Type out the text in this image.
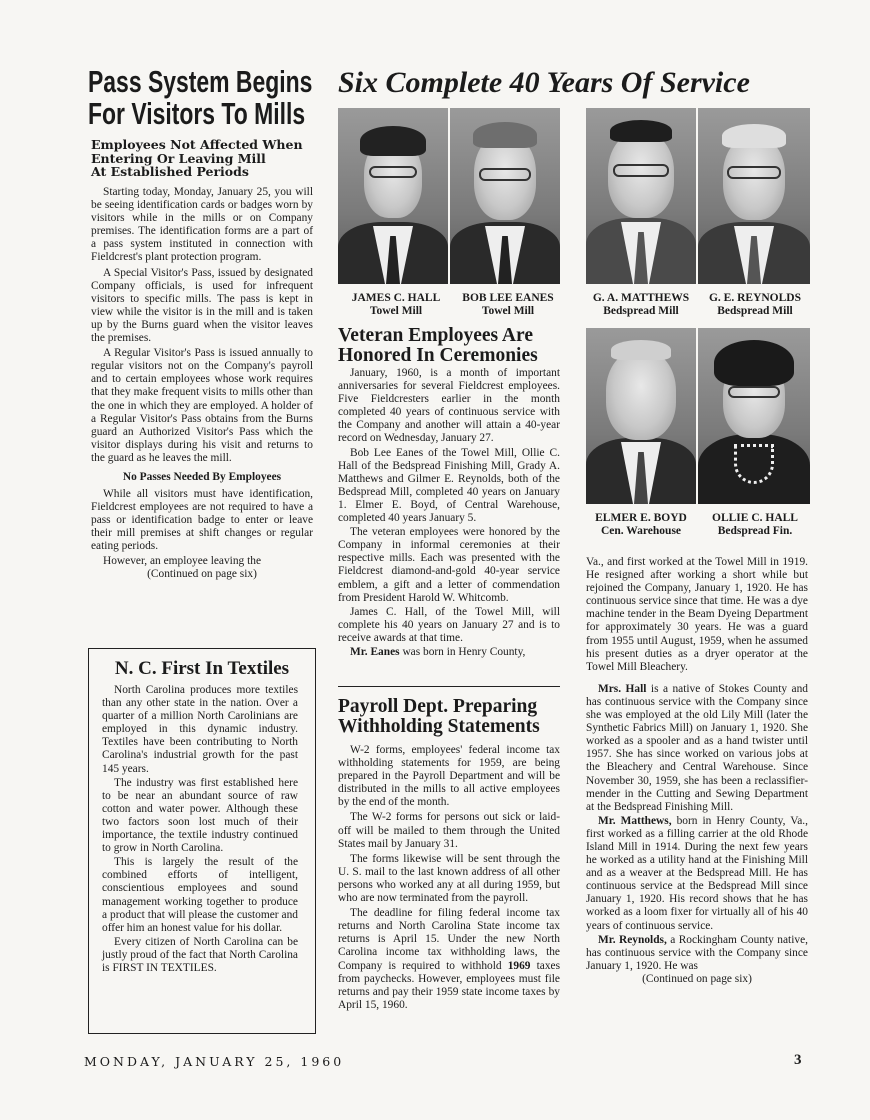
Pass System Begins
For Visitors To Mills
Employees Not Affected When
Entering Or Leaving Mill
At Established Periods

Starting today, Monday, January 25, you will be seeing identification cards or badges worn by visitors while in the mills or on Company premises. The identification forms are a part of a pass system instituted in connection with Fieldcrest's plant protection program.

A Special Visitor's Pass, issued by designated Company officials, is used for infrequent visitors to specific mills. The pass is kept in view while the visitor is in the mill and is taken up by the Burns guard when the visitor leaves the premises.

A Regular Visitor's Pass is issued annually to regular visitors not on the Company's payroll and to certain employees whose work requires that they make frequent visits to mills other than the one in which they are employed. A holder of a Regular Visitor's Pass obtains from the Burns guard an Authorized Visitor's Pass which the visitor displays during his visit and returns to the guard as he leaves the mill.

No Passes Needed By Employees

While all visitors must have identification, Fieldcrest employees are not required to have a pass or identification badge to enter or leave their mill premises at shift changes or regular eating periods.

However, an employee leaving the

(Continued on page six)

N. C. First In Textiles

North Carolina produces more textiles than any other state in the nation. Over a quarter of a million North Carolinians are employed in this dynamic industry. Textiles have been contributing to North Carolina's industrial growth for the past 145 years.

The industry was first established here to be near an abundant source of raw cotton and water power. Although these two factors soon lost much of their importance, the textile industry continued to grow in North Carolina.

This is largely the result of the combined efforts of intelligent, conscientious employees and sound management working together to produce a product that will please the customer and offer him an honest value for his dollar.

Every citizen of North Carolina can be justly proud of the fact that North Carolina is FIRST IN TEXTILES.

Six Complete 40 Years Of Service
JAMES C. HALL
Towel Mill
BOB LEE EANES
Towel Mill
G. A. MATTHEWS
Bedspread Mill
G. E. REYNOLDS
Bedspread Mill
ELMER E. BOYD
Cen. Warehouse
OLLIE C. HALL
Bedspread Fin.
Veteran Employees Are
Honored In Ceremonies

January, 1960, is a month of important anniversaries for several Fieldcrest employees. Five Fieldcresters earlier in the month completed 40 years of continuous service with the Company and another will attain a 40-year record on Wednesday, January 27.

Bob Lee Eanes of the Towel Mill, Ollie C. Hall of the Bedspread Finishing Mill, Grady A. Matthews and Gilmer E. Reynolds, both of the Bedspread Mill, completed 40 years on January 1. Elmer E. Boyd, of Central Warehouse, completed 40 years January 5.

The veteran employees were honored by the Company in informal ceremonies at their respective mills. Each was presented with the Fieldcrest diamond-and-gold 40-year service emblem, a gift and a letter of commendation from President Harold W. Whitcomb.

James C. Hall, of the Towel Mill, will complete his 40 years on January 27 and is to receive awards at that time.

Mr. Eanes was born in Henry County,

Payroll Dept. Preparing
Withholding Statements

W-2 forms, employees' federal income tax withholding statements for 1959, are being prepared in the Payroll Department and will be distributed in the mills to all active employees by the end of the month.

The W-2 forms for persons out sick or laid-off will be mailed to them through the United States mail by January 31.

The forms likewise will be sent through the U. S. mail to the last known address of all other persons who worked any at all during 1959, but who are now terminated from the payroll.

The deadline for filing federal income tax returns and North Carolina State income tax returns is April 15. Under the new North Carolina income tax withholding laws, the Company is required to withhold 1969 taxes from paychecks. However, employees must file returns and pay their 1959 state income taxes by April 15, 1960.

Va., and first worked at the Towel Mill in 1919. He resigned after working a short while but rejoined the Company, January 1, 1920. He has continuous service since that time. He was a dye machine tender in the Beam Dyeing Department for approximately 30 years. He was a guard from 1955 until August, 1959, when he assumed his present duties as a dryer operator at the Towel Mill Bleachery.

Mrs. Hall is a native of Stokes County and has continuous service with the Company since she was employed at the old Lily Mill (later the Synthetic Fabrics Mill) on January 1, 1920. She worked as a spooler and as a hand twister until 1957. She has since worked on various jobs at the Bleachery and Central Warehouse. Since November 30, 1959, she has been a reclassifier-mender in the Cutting and Sewing Department at the Bedspread Finishing Mill.

Mr. Matthews, born in Henry County, Va., first worked as a filling carrier at the old Rhode Island Mill in 1914. During the next few years he worked as a utility hand at the Finishing Mill and as a weaver at the Bedspread Mill. He has continuous service at the Bedspread Mill since January 1, 1920. His record shows that he has worked as a loom fixer for virtually all of his 40 years of continuous service.

Mr. Reynolds, a Rockingham County native, has continuous service with the Company since January 1, 1920. He was

(Continued on page six)

MONDAY, JANUARY 25, 1960	3
